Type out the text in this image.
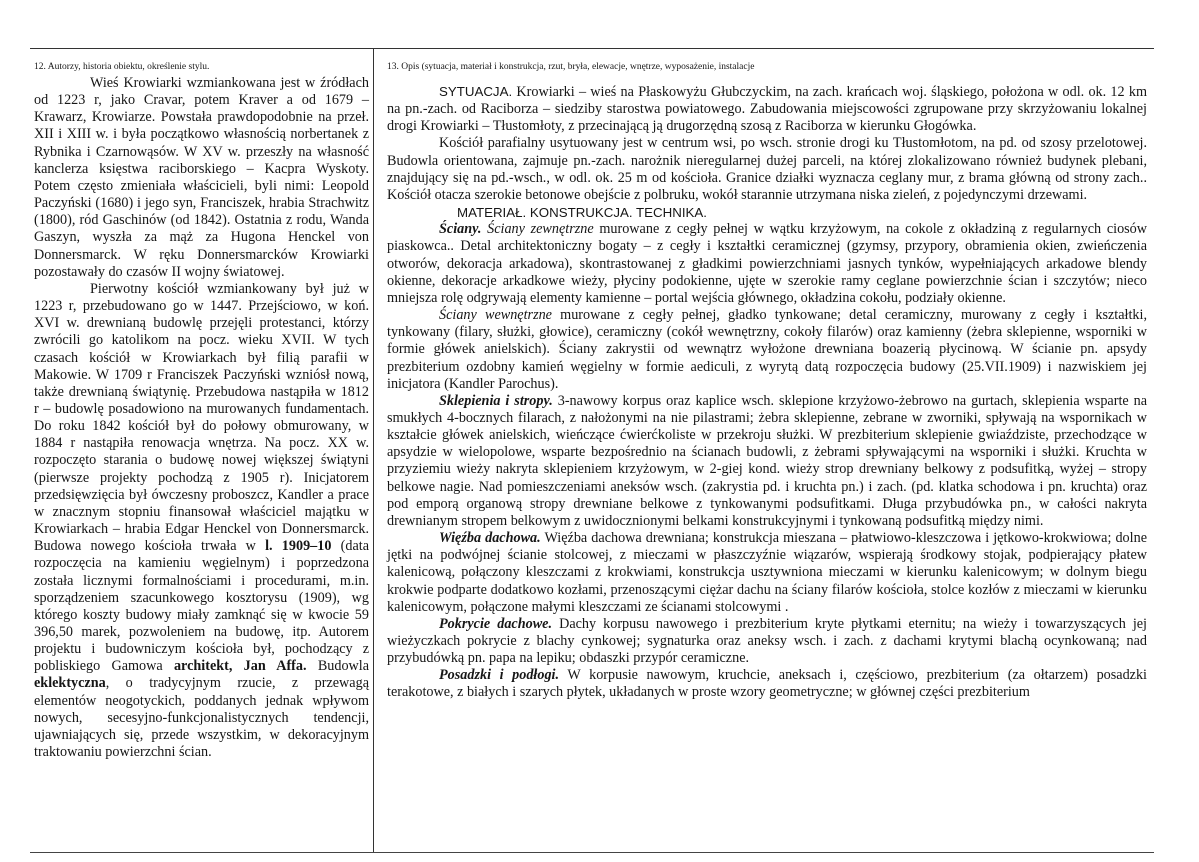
12. Autorzy, historia obiektu, określenie stylu.

Wieś Krowiarki wzmiankowana jest w źródłach od 1223 r, jako Cravar, potem Kraver a od 1679 – Krawarz, Krowiarze. Powstała prawdopodobnie na przeł. XII i XIII w. i była początkowo własnością norbertanek z Rybnika i Czarnowąsów. W XV w. przeszły na własność kanclerza księstwa raciborskiego – Kacpra Wyskoty. Potem często zmieniała właścicieli, byli nimi: Leopold Paczyński (1680) i jego syn, Franciszek, hrabia Strachwitz (1800), ród Gaschinów (od 1842). Ostatnia z rodu, Wanda Gaszyn, wyszła za mąż za Hugona Henckel von Donnersmarck. W ręku Donnersmarcków Krowiarki pozostawały do czasów II wojny światowej.

Pierwotny kościół wzmiankowany był już w 1223 r, przebudowano go w 1447. Przejściowo, w koń. XVI w. drewnianą budowlę przejęli protestanci, którzy zwrócili go katolikom na pocz. wieku XVII. W tych czasach kościół w Krowiarkach był filią parafii w Makowie. W 1709 r Franciszek Paczyński wzniósł nową, także drewnianą świątynię. Przebudowa nastąpiła w 1812 r – budowlę posadowiono na murowanych fundamentach. Do roku 1842 kościół był do połowy obmurowany, w 1884 r nastąpiła renowacja wnętrza. Na pocz. XX w. rozpoczęto starania o budowę nowej większej świątyni (pierwsze projekty pochodzą z 1905 r). Inicjatorem przedsięwzięcia był ówczesny proboszcz, Kandler a prace w znacznym stopniu finansował właściciel majątku w Krowiarkach – hrabia Edgar Henckel von Donnersmarck. Budowa nowego kościoła trwała w l. 1909–10 (data rozpoczęcia na kamieniu węgielnym) i poprzedzona została licznymi formalnościami i procedurami, m.in. sporządzeniem szacunkowego kosztorysu (1909), wg którego koszty budowy miały zamknąć się w kwocie 59 396,50 marek, pozwoleniem na budowę, itp. Autorem projektu i budowniczym kościoła był, pochodzący z pobliskiego Gamowa architekt, Jan Affa. Budowla eklektyczna, o tradycyjnym rzucie, z przewagą elementów neogotyckich, poddanych jednak wpływom nowych, secesyjno-funkcjonalistycznych tendencji, ujawniających się, przede wszystkim, w dekoracyjnym traktowaniu powierzchni ścian.

13. Opis (sytuacja, materiał i konstrukcja, rzut, bryła, elewacje, wnętrze, wyposażenie, instalacje

SYTUACJA. Krowiarki – wieś na Płaskowyżu Głubczyckim, na zach. krańcach woj. śląskiego, położona w odl. ok. 12 km na pn.-zach. od Raciborza – siedziby starostwa powiatowego. Zabudowania miejscowości zgrupowane przy skrzyżowaniu lokalnej drogi Krowiarki – Tłustomłoty, z przecinającą ją drugorzędną szosą z Raciborza w kierunku Głogówka.

Kościół parafialny usytuowany jest w centrum wsi, po wsch. stronie drogi ku Tłustomłotom, na pd. od szosy przelotowej. Budowla orientowana, zajmuje pn.-zach. narożnik nieregularnej dużej parceli, na której zlokalizowano również budynek plebani, znajdujący się na pd.-wsch., w odl. ok. 25 m od kościoła. Granice działki wyznacza ceglany mur, z brama główną od strony zach.. Kościół otacza szerokie betonowe obejście z polbruku, wokół starannie utrzymana niska zieleń, z pojedynczymi drzewami.

MATERIAŁ. KONSTRUKCJA. TECHNIKA.

Ściany. Ściany zewnętrzne murowane z cegły pełnej w wątku krzyżowym, na cokole z okładziną z regularnych ciosów piaskowca.. Detal architektoniczny bogaty – z cegły i kształtki ceramicznej (gzymsy, przypory, obramienia okien, zwieńczenia otworów, dekoracja arkadowa), skontrastowanej z gładkimi powierzchniami jasnych tynków, wypełniających arkadowe blendy okienne, dekoracje arkadkowe wieży, płyciny podokienne, ujęte w szerokie ramy ceglane powierzchnie ścian i szczytów; nieco mniejsza rolę odgrywają elementy kamienne – portal wejścia głównego, okładzina cokołu, podziały okienne.

Ściany wewnętrzne murowane z cegły pełnej, gładko tynkowane; detal ceramiczny, murowany z cegły i kształtki, tynkowany (filary, służki, głowice), ceramiczny (cokół wewnętrzny, cokoły filarów) oraz kamienny (żebra sklepienne, wsporniki w formie główek anielskich). Ściany zakrystii od wewnątrz wyłożone drewniana boazerią płycinową. W ścianie pn. apsydy prezbiterium ozdobny kamień węgielny w formie aediculi, z wyrytą datą rozpoczęcia budowy (25.VII.1909) i nazwiskiem jej inicjatora (Kandler Parochus).

Sklepienia i stropy. 3-nawowy korpus oraz kaplice wsch. sklepione krzyżowo-żebrowo na gurtach, sklepienia wsparte na smukłych 4-bocznych filarach, z nałożonymi na nie pilastrami; żebra sklepienne, zebrane w zworniki, spływają na wspornikach w kształcie główek anielskich, wieńczące ćwierćkoliste w przekroju służki. W prezbiterium sklepienie gwiaździste, przechodzące w apsydzie w wielopolowe, wsparte bezpośrednio na ścianach budowli, z żebrami spływającymi na wsporniki i służki. Kruchta w przyziemiu wieży nakryta sklepieniem krzyżowym, w 2-giej kond. wieży strop drewniany belkowy z podsufitką, wyżej – stropy belkowe nagie. Nad pomieszczeniami aneksów wsch. (zakrystia pd. i kruchta pn.) i zach. (pd. klatka schodowa i pn. kruchta) oraz pod emporą organową stropy drewniane belkowe z tynkowanymi podsufitkami. Długa przybudówka pn., w całości nakryta drewnianym stropem belkowym z uwidocznionymi belkami konstrukcyjnymi i tynkowaną podsufitką między nimi.

Więźba dachowa. Więźba dachowa drewniana; konstrukcja mieszana – płatwiowo-kleszczowa i jętkowo-krokwiowa; dolne jętki na podwójnej ścianie stolcowej, z mieczami w płaszczyźnie wiązarów, wspierają środkowy stojak, podpierający płatew kalenicową, połączony kleszczami z krokwiami, konstrukcja usztywniona mieczami w kierunku kalenicowym; w dolnym biegu krokwie podparte dodatkowo kozłami, przenoszącymi ciężar dachu na ściany filarów kościoła, stolce kozłów z mieczami w kierunku kalenicowym, połączone małymi kleszczami ze ścianami stolcowymi .

Pokrycie dachowe. Dachy korpusu nawowego i prezbiterium kryte płytkami eternitu; na wieży i towarzyszących jej wieżyczkach pokrycie z blachy cynkowej; sygnaturka oraz aneksy wsch. i zach. z dachami krytymi blachą ocynkowaną; nad przybudówką pn. papa na lepiku; obdaszki przypór ceramiczne.

Posadzki i podłogi. W korpusie nawowym, kruchcie, aneksach i, częściowo, prezbiterium (za ołtarzem) posadzki terakotowe, z białych i szarych płytek, układanych w proste wzory geometryczne; w głównej części prezbiterium
